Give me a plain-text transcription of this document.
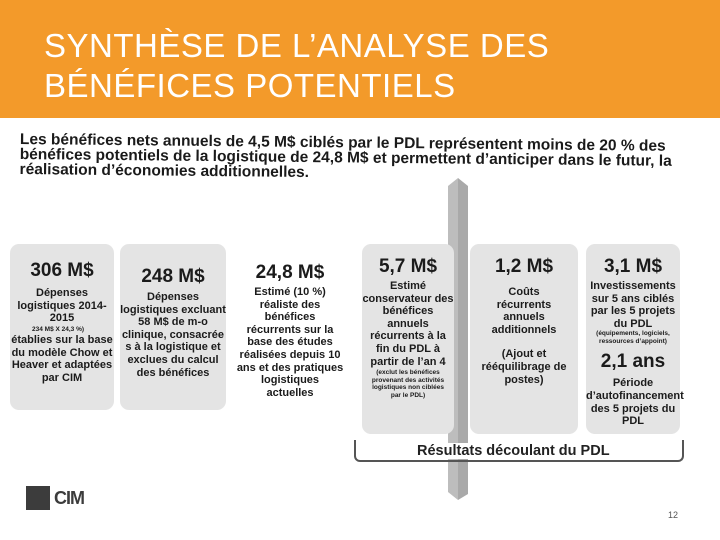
SYNTHÈSE DE L’ANALYSE DES BÉNÉFICES POTENTIELS
Les bénéfices nets annuels de 4,5 M$ ciblés par le PDL représentent moins de 20 % des bénéfices potentiels de la logistique de 24,8 M$ et permettent d’anticiper dans le futur, la réalisation d’économies additionnelles.
306 M$
Dépenses logistiques 2014-2015
234 M$ X 24,3 %)
établies sur la base du modèle Chow et Heaver et adaptées par CIM
248 M$
Dépenses logistiques excluant 58 M$ de m-o clinique, consacrée s à la logistique et exclues du calcul des bénéfices
24,8 M$
Estimé (10 %) réaliste des bénéfices récurrents sur la base des études réalisées depuis 10 ans et des pratiques logistiques actuelles
5,7 M$
Estimé conservateur des bénéfices annuels récurrents à la fin du PDL à partir de l’an 4
(exclut les bénéfices provenant des activités logistiques non ciblées par le PDL)
1,2 M$
Coûts récurrents annuels additionnels
(Ajout et rééquilibrage de postes)
3,1 M$
Investissements sur 5 ans ciblés par les 5 projets du PDL
(équipements, logiciels, ressources d’appoint)
2,1 ans
Période d’autofinancement des 5 projets du PDL
Résultats découlant du PDL
CIM
12
